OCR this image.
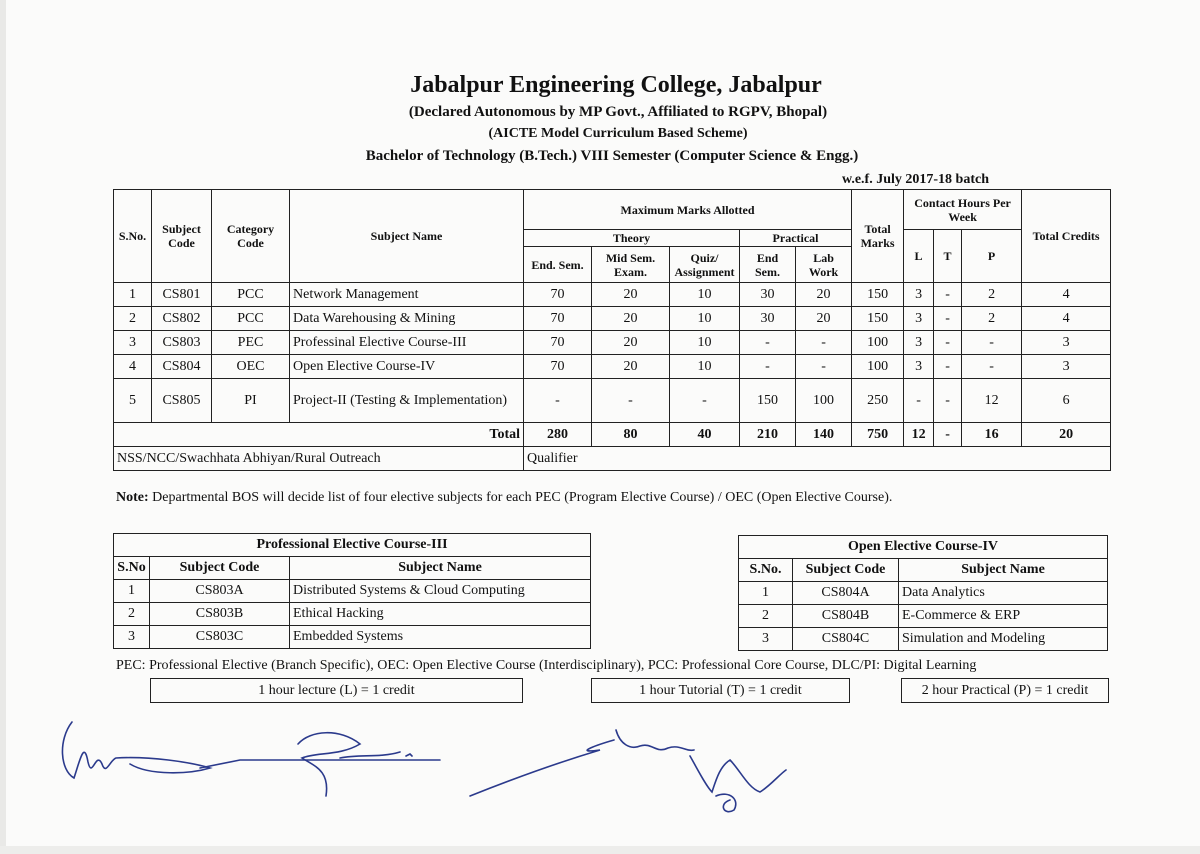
Jabalpur Engineering College, Jabalpur
(Declared Autonomous by MP Govt., Affiliated to RGPV, Bhopal)
(AICTE Model Curriculum Based Scheme)
Bachelor of Technology (B.Tech.) VIII Semester (Computer Science & Engg.)
w.e.f. July 2017-18 batch
S.No.	Subject Code	Category Code	Subject Name	Maximum Marks Allotted					Total Marks	Contact Hours Per Week			Total Credits
				Theory			Practical			L	T	P	
				End. Sem.	Mid Sem. Exam.	Quiz/ Assignment	End Sem.	Lab Work					
1	CS801	PCC	Network Management	70	20	10	30	20	150	3	-	2	4
2	CS802	PCC	Data Warehousing & Mining	70	20	10	30	20	150	3	-	2	4
3	CS803	PEC	Professinal Elective Course-III	70	20	10	-	-	100	3	-	-	3
4	CS804	OEC	Open Elective Course-IV	70	20	10	-	-	100	3	-	-	3
5	CS805	PI	Project-II (Testing & Implementation)	-	-	-	150	100	250	-	-	12	6
Total				280	80	40	210	140	750	12	-	16	20
NSS/NCC/Swachhata Abhiyan/Rural Outreach				Qualifier									
Note: Departmental BOS will decide list of four elective subjects for each PEC (Program Elective Course) / OEC (Open Elective Course).
Professional Elective Course-III		
S.No	Subject Code	Subject Name
1	CS803A	Distributed Systems & Cloud Computing
2	CS803B	Ethical Hacking
3	CS803C	Embedded Systems
Open Elective Course-IV		
S.No.	Subject Code	Subject Name
1	CS804A	Data Analytics
2	CS804B	E-Commerce & ERP
3	CS804C	Simulation and Modeling
PEC: Professional Elective (Branch Specific), OEC: Open Elective Course (Interdisciplinary), PCC: Professional Core Course, DLC/PI: Digital Learning
1 hour lecture (L) = 1 credit	1 hour Tutorial (T) = 1 credit	2 hour Practical (P) = 1 credit
